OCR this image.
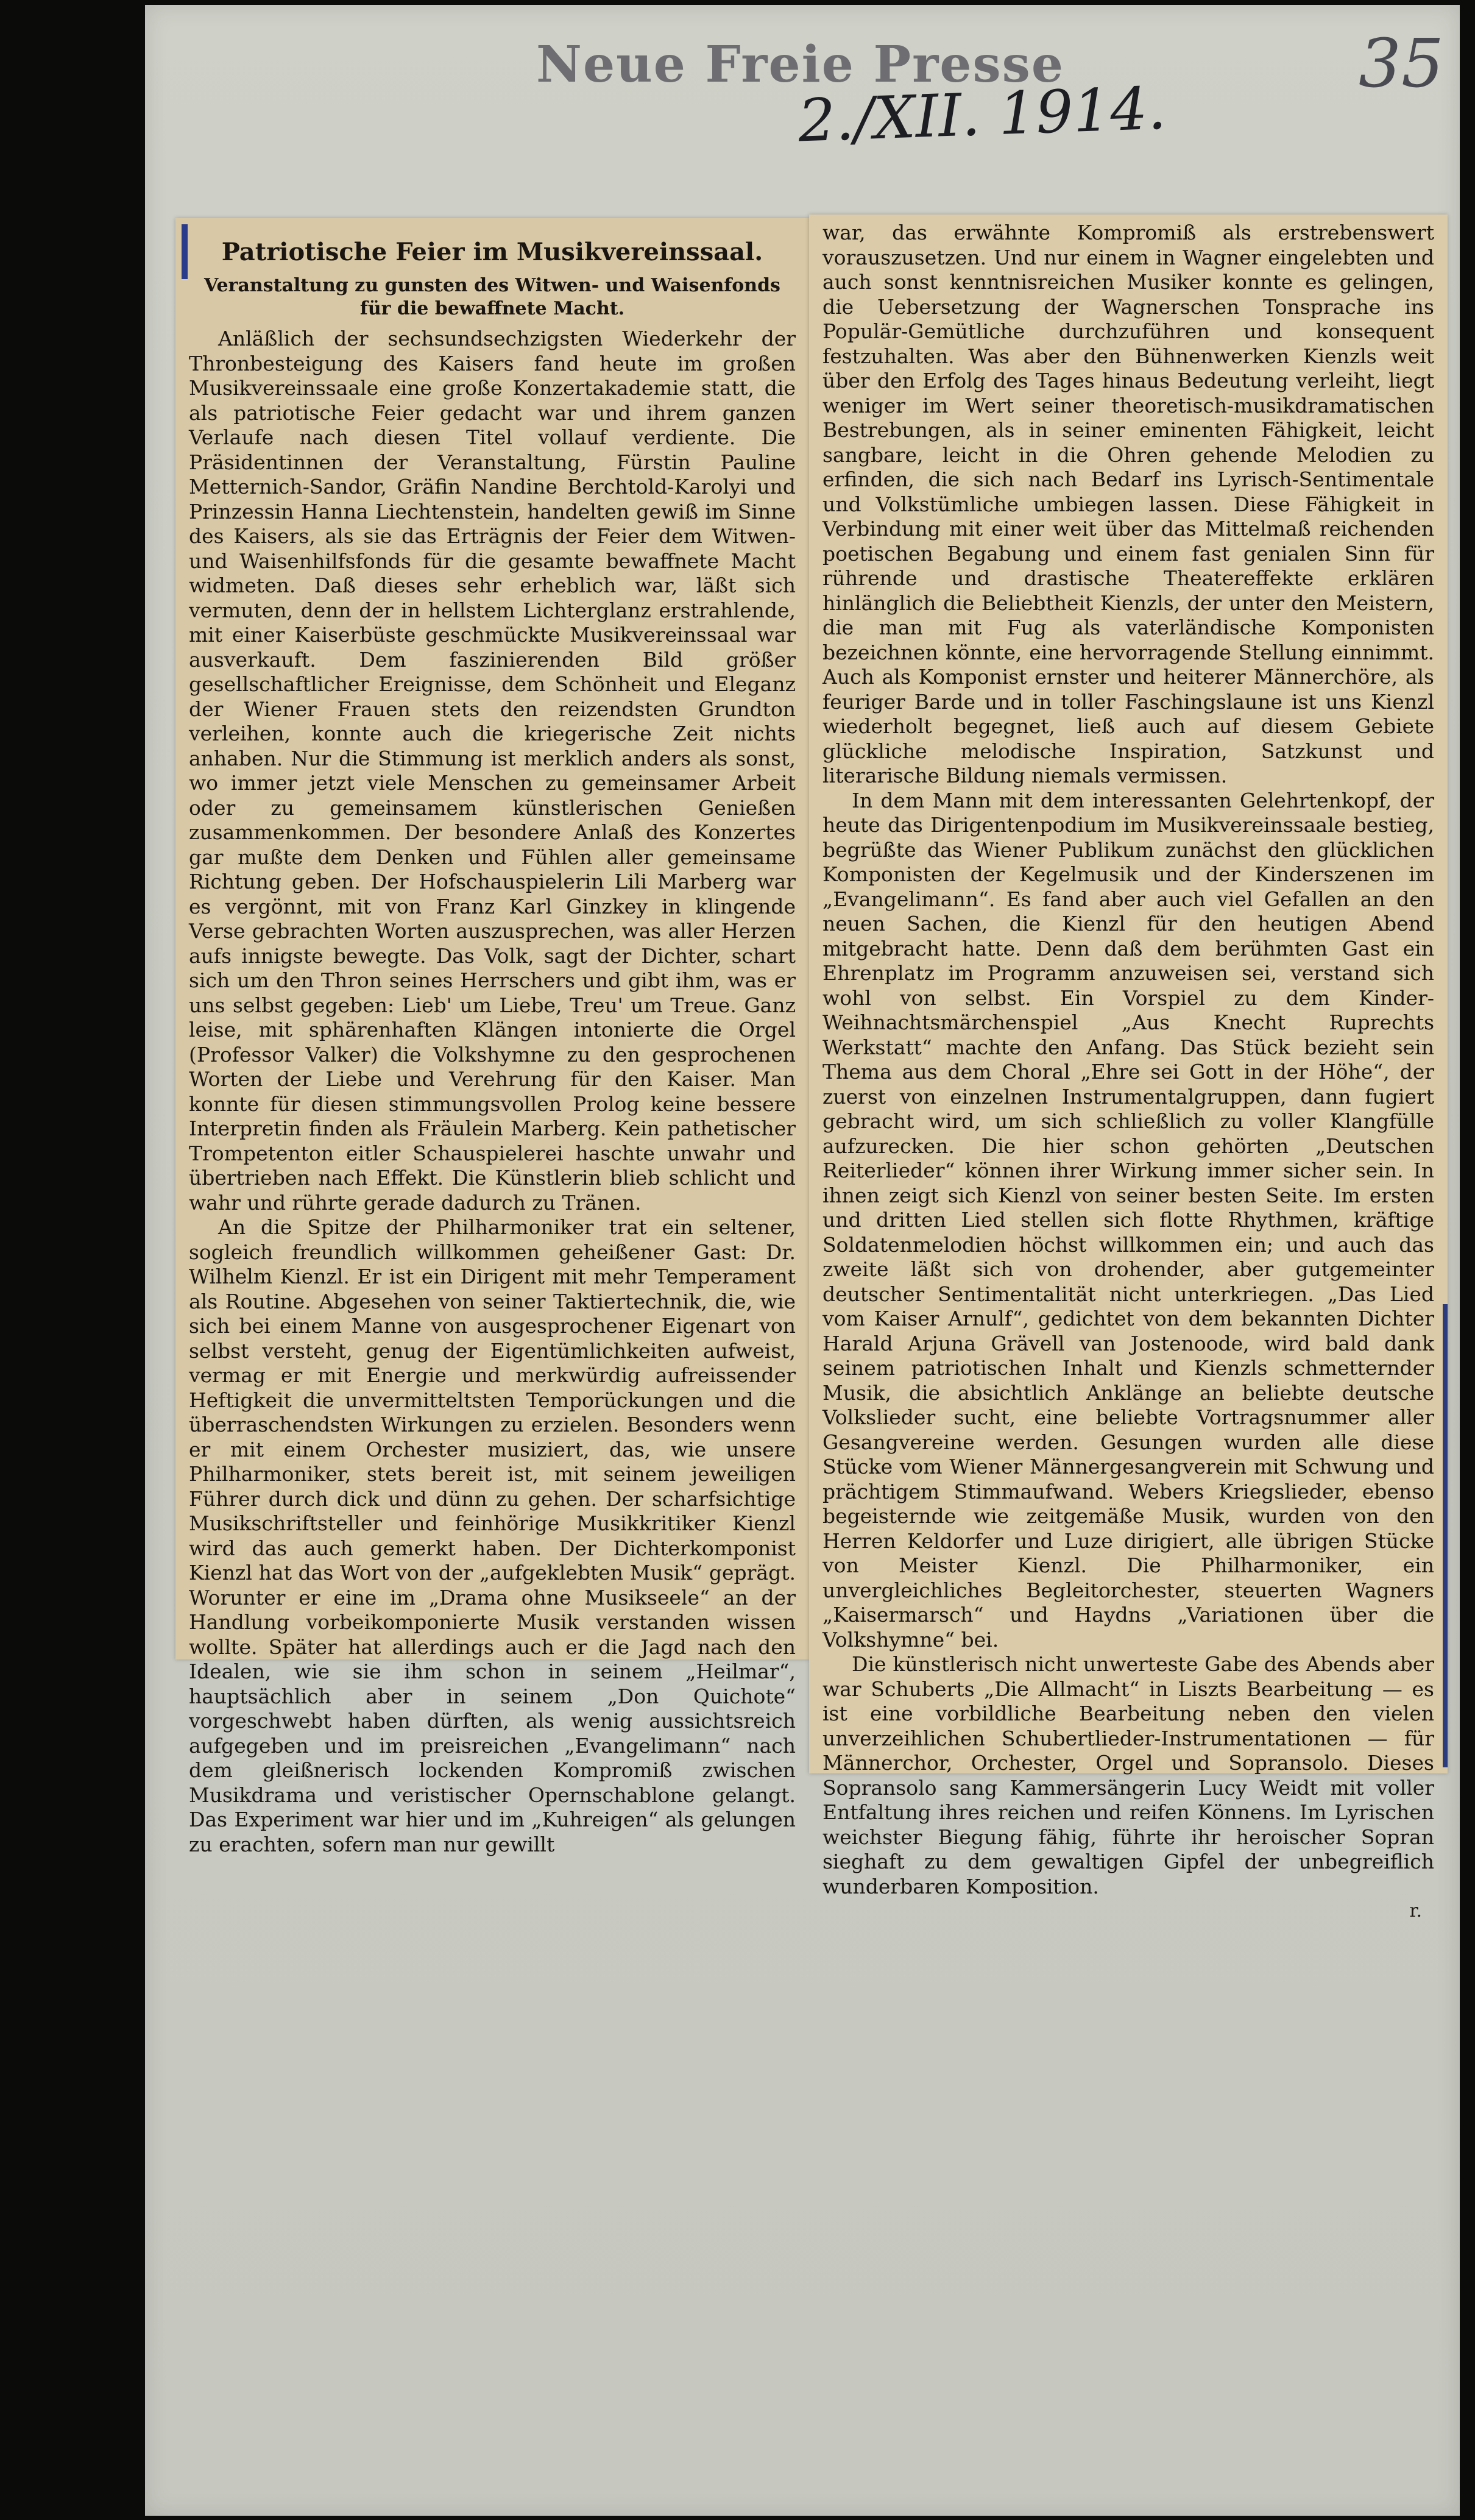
Neue Freie Presse
2./XII. 1914.
35
Patriotische Feier im Musikvereinssaal.
Veranstaltung zu gunsten des Witwen- und Waisenfonds für die bewaffnete Macht.

Anläßlich der sechsundsechzigsten Wiederkehr der Thronbesteigung des Kaisers fand heute im großen Musikvereinssaale eine große Konzertakademie statt, die als patriotische Feier gedacht war und ihrem ganzen Verlaufe nach diesen Titel vollauf verdiente. Die Präsidentinnen der Veranstaltung, Fürstin Pauline Metternich-Sandor, Gräfin Nandine Berchtold-Karolyi und Prinzessin Hanna Liechtenstein, handelten gewiß im Sinne des Kaisers, als sie das Erträgnis der Feier dem Witwen- und Waisenhilfsfonds für die gesamte bewaffnete Macht widmeten. Daß dieses sehr erheblich war, läßt sich vermuten, denn der in hellstem Lichterglanz erstrahlende, mit einer Kaiserbüste geschmückte Musikvereinssaal war ausverkauft. Dem faszinierenden Bild größer gesellschaftlicher Ereignisse, dem Schönheit und Eleganz der Wiener Frauen stets den reizendsten Grundton verleihen, konnte auch die kriegerische Zeit nichts anhaben. Nur die Stimmung ist merklich anders als sonst, wo immer jetzt viele Menschen zu gemeinsamer Arbeit oder zu gemeinsamem künstlerischen Genießen zusammenkommen. Der besondere Anlaß des Konzertes gar mußte dem Denken und Fühlen aller gemeinsame Richtung geben. Der Hofschauspielerin Lili Marberg war es vergönnt, mit von Franz Karl Ginzkey in klingende Verse gebrachten Worten auszusprechen, was aller Herzen aufs innigste bewegte. Das Volk, sagt der Dichter, schart sich um den Thron seines Herrschers und gibt ihm, was er uns selbst gegeben: Lieb' um Liebe, Treu' um Treue. Ganz leise, mit sphärenhaften Klängen intonierte die Orgel (Professor Valker) die Volkshymne zu den gesprochenen Worten der Liebe und Verehrung für den Kaiser. Man konnte für diesen stimmungsvollen Prolog keine bessere Interpretin finden als Fräulein Marberg. Kein pathetischer Trompetenton eitler Schauspielerei haschte unwahr und übertrieben nach Effekt. Die Künstlerin blieb schlicht und wahr und rührte gerade dadurch zu Tränen.

An die Spitze der Philharmoniker trat ein seltener, sogleich freundlich willkommen geheißener Gast: Dr. Wilhelm Kienzl. Er ist ein Dirigent mit mehr Temperament als Routine. Abgesehen von seiner Taktiertechnik, die, wie sich bei einem Manne von ausgesprochener Eigenart von selbst versteht, genug der Eigentümlichkeiten aufweist, vermag er mit Energie und merkwürdig aufreissender Heftigkeit die unvermitteltsten Temporückungen und die überraschendsten Wirkungen zu erzielen. Besonders wenn er mit einem Orchester musiziert, das, wie unsere Philharmoniker, stets bereit ist, mit seinem jeweiligen Führer durch dick und dünn zu gehen. Der scharfsichtige Musikschriftsteller und feinhörige Musikkritiker Kienzl wird das auch gemerkt haben. Der Dichterkomponist Kienzl hat das Wort von der „aufgeklebten Musik“ geprägt. Worunter er eine im „Drama ohne Musikseele“ an der Handlung vorbeikomponierte Musik verstanden wissen wollte. Später hat allerdings auch er die Jagd nach den Idealen, wie sie ihm schon in seinem „Heilmar“, hauptsächlich aber in seinem „Don Quichote“ vorgeschwebt haben dürften, als wenig aussichtsreich aufgegeben und im preisreichen „Evangelimann“ nach dem gleißnerisch lockenden Kompromiß zwischen Musikdrama und veristischer Opernschablone gelangt. Das Experiment war hier und im „Kuhreigen“ als gelungen zu erachten, sofern man nur gewillt

war, das erwähnte Kompromiß als erstrebenswert vorauszusetzen. Und nur einem in Wagner eingelebten und auch sonst kenntnisreichen Musiker konnte es gelingen, die Uebersetzung der Wagnerschen Tonsprache ins Populär-Gemütliche durchzuführen und konsequent festzuhalten. Was aber den Bühnenwerken Kienzls weit über den Erfolg des Tages hinaus Bedeutung verleiht, liegt weniger im Wert seiner theoretisch-musikdramatischen Bestrebungen, als in seiner eminenten Fähigkeit, leicht sangbare, leicht in die Ohren gehende Melodien zu erfinden, die sich nach Bedarf ins Lyrisch-Sentimentale und Volkstümliche umbiegen lassen. Diese Fähigkeit in Verbindung mit einer weit über das Mittelmaß reichenden poetischen Begabung und einem fast genialen Sinn für rührende und drastische Theatereffekte erklären hinlänglich die Beliebtheit Kienzls, der unter den Meistern, die man mit Fug als vaterländische Komponisten bezeichnen könnte, eine hervorragende Stellung einnimmt. Auch als Komponist ernster und heiterer Männerchöre, als feuriger Barde und in toller Faschingslaune ist uns Kienzl wiederholt begegnet, ließ auch auf diesem Gebiete glückliche melodische Inspiration, Satzkunst und literarische Bildung niemals vermissen.

In dem Mann mit dem interessanten Gelehrtenkopf, der heute das Dirigentenpodium im Musikvereinssaale bestieg, begrüßte das Wiener Publikum zunächst den glücklichen Komponisten der Kegelmusik und der Kinderszenen im „Evangelimann“. Es fand aber auch viel Gefallen an den neuen Sachen, die Kienzl für den heutigen Abend mitgebracht hatte. Denn daß dem berühmten Gast ein Ehrenplatz im Programm anzuweisen sei, verstand sich wohl von selbst. Ein Vorspiel zu dem Kinder-Weihnachtsmärchenspiel „Aus Knecht Ruprechts Werkstatt“ machte den Anfang. Das Stück bezieht sein Thema aus dem Choral „Ehre sei Gott in der Höhe“, der zuerst von einzelnen Instrumentalgruppen, dann fugiert gebracht wird, um sich schließlich zu voller Klangfülle aufzurecken. Die hier schon gehörten „Deutschen Reiterlieder“ können ihrer Wirkung immer sicher sein. In ihnen zeigt sich Kienzl von seiner besten Seite. Im ersten und dritten Lied stellen sich flotte Rhythmen, kräftige Soldatenmelodien höchst willkommen ein; und auch das zweite läßt sich von drohender, aber gutgemeinter deutscher Sentimentalität nicht unterkriegen. „Das Lied vom Kaiser Arnulf“, gedichtet von dem bekannten Dichter Harald Arjuna Grävell van Jostenoode, wird bald dank seinem patriotischen Inhalt und Kienzls schmetternder Musik, die absichtlich Anklänge an beliebte deutsche Volkslieder sucht, eine beliebte Vortragsnummer aller Gesangvereine werden. Gesungen wurden alle diese Stücke vom Wiener Männergesangverein mit Schwung und prächtigem Stimmaufwand. Webers Kriegslieder, ebenso begeisternde wie zeitgemäße Musik, wurden von den Herren Keldorfer und Luze dirigiert, alle übrigen Stücke von Meister Kienzl. Die Philharmoniker, ein unvergleichliches Begleitorchester, steuerten Wagners „Kaisermarsch“ und Haydns „Variationen über die Volkshymne“ bei.

Die künstlerisch nicht unwerteste Gabe des Abends aber war Schuberts „Die Allmacht“ in Liszts Bearbeitung — es ist eine vorbildliche Bearbeitung neben den vielen unverzeihlichen Schubertlieder-Instrumentationen — für Männerchor, Orchester, Orgel und Sopransolo. Dieses Sopransolo sang Kammersängerin Lucy Weidt mit voller Entfaltung ihres reichen und reifen Könnens. Im Lyrischen weichster Biegung fähig, führte ihr heroischer Sopran sieghaft zu dem gewaltigen Gipfel der unbegreiflich wunderbaren Komposition.

r.
